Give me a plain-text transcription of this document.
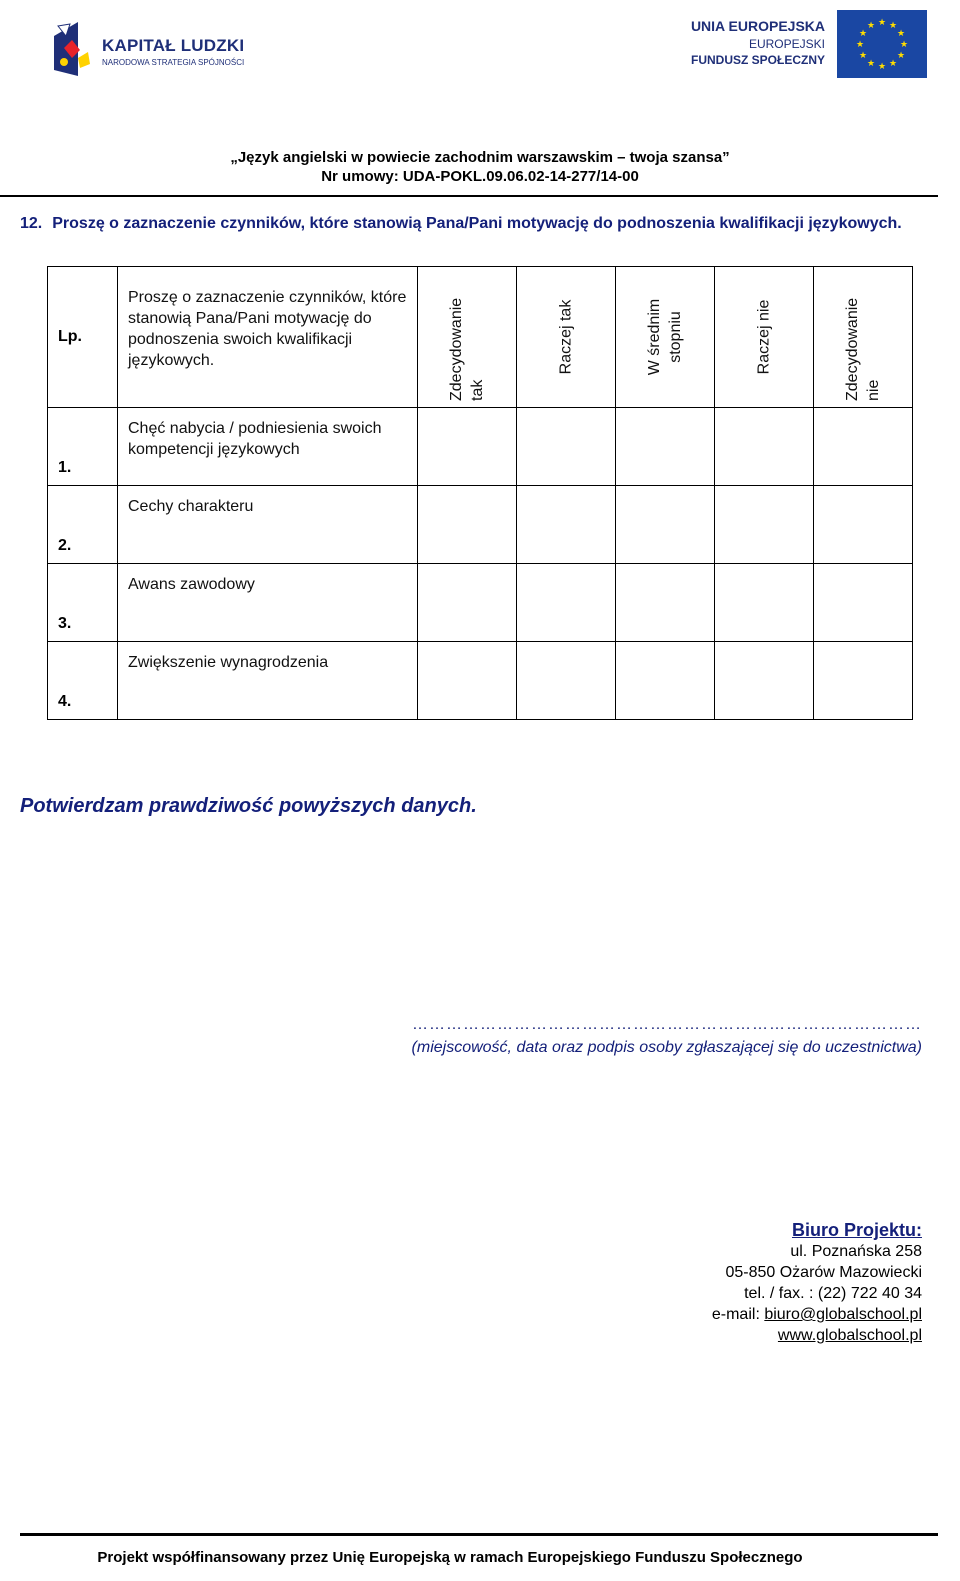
KAPITAŁ LUDZKI
NARODOWA STRATEGIA SPÓJNOŚCI
UNIA EUROPEJSKA
EUROPEJSKI
FUNDUSZ SPOŁECZNY
★ ★
★
★
★
★
★
★
★
★
★
★
„Język angielski w powiecie zachodnim warszawskim – twoja szansa”
Nr umowy: UDA-POKL.09.06.02-14-277/14-00
12. Proszę o zaznaczenie czynników, które stanowią Pana/Pani motywację do podnoszenia kwalifikacji językowych.
Lp.	Proszę o zaznaczenie czynników, które stanowią Pana/Pani motywację do podnoszenia swoich kwalifikacji językowych.	Zdecydowanie tak	Raczej tak	W średnim stopniu	Raczej nie	Zdecydowanie nie

1.	Chęć nabycia / podniesienia swoich kompetencji językowych	

2.	Cechy charakteru	

3.	Awans zawodowy	

4.	Zwiększenie wynagrodzenia	

Potwierdzam prawdziwość powyższych danych.
………………………………………………………………………………
(miejscowość, data oraz podpis osoby zgłaszającej się do uczestnictwa)
Biuro Projektu:
ul. Poznańska 258
05-850 Ożarów Mazowiecki
tel. / fax. : (22) 722 40 34
e-mail: biuro@globalschool.pl
www.globalschool.pl
Projekt współfinansowany przez Unię Europejską w ramach Europejskiego Funduszu Społecznego
